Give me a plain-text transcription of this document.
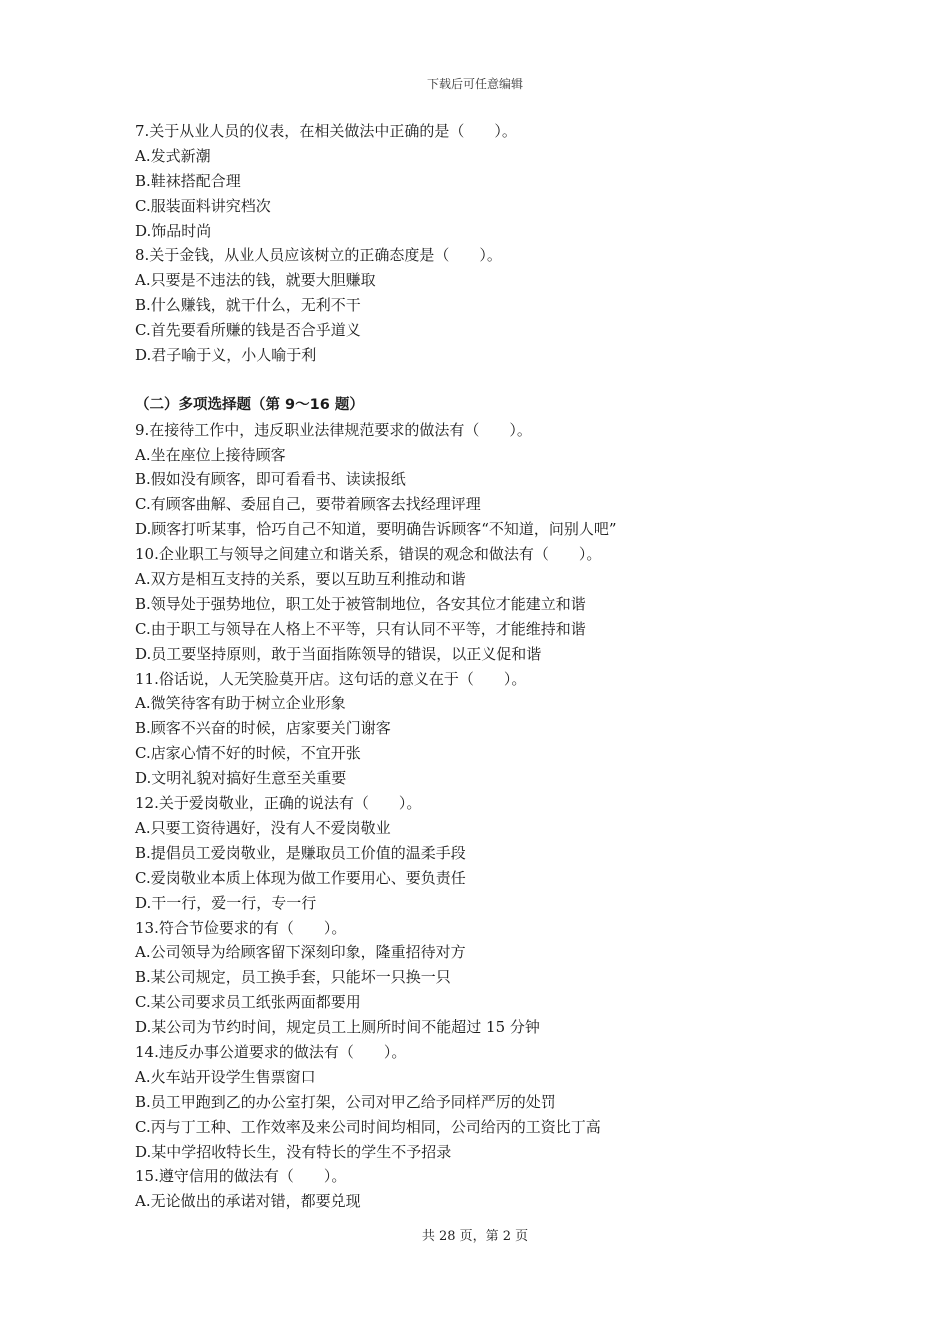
下载后可任意编辑
7.关于从业人员的仪表，在相关做法中正确的是（　　）。
A.发式新潮
B.鞋袜搭配合理
C.服装面料讲究档次
D.饰品时尚
8.关于金钱，从业人员应该树立的正确态度是（　　）。
A.只要是不违法的钱，就要大胆赚取
B.什么赚钱，就干什么，无利不干
C.首先要看所赚的钱是否合乎道义
D.君子喻于义，小人喻于利
（二）多项选择题（第 9～16 题）
9.在接待工作中，违反职业法律规范要求的做法有（　　）。
A.坐在座位上接待顾客
B.假如没有顾客，即可看看书、读读报纸
C.有顾客曲解、委屈自己，要带着顾客去找经理评理
D.顾客打听某事，恰巧自己不知道，要明确告诉顾客“不知道，问别人吧”
10.企业职工与领导之间建立和谐关系，错误的观念和做法有（　　）。
A.双方是相互支持的关系，要以互助互利推动和谐
B.领导处于强势地位，职工处于被管制地位，各安其位才能建立和谐
C.由于职工与领导在人格上不平等，只有认同不平等，才能维持和谐
D.员工要坚持原则，敢于当面指陈领导的错误，以正义促和谐
11.俗话说，人无笑脸莫开店。这句话的意义在于（　　）。
A.微笑待客有助于树立企业形象
B.顾客不兴奋的时候，店家要关门谢客
C.店家心情不好的时候，不宜开张
D.文明礼貌对搞好生意至关重要
12.关于爱岗敬业，正确的说法有（　　）。
A.只要工资待遇好，没有人不爱岗敬业
B.提倡员工爱岗敬业，是赚取员工价值的温柔手段
C.爱岗敬业本质上体现为做工作要用心、要负责任
D.干一行，爱一行，专一行
13.符合节俭要求的有（　　）。
A.公司领导为给顾客留下深刻印象，隆重招待对方
B.某公司规定，员工换手套，只能坏一只换一只
C.某公司要求员工纸张两面都要用
D.某公司为节约时间，规定员工上厕所时间不能超过 15 分钟
14.违反办事公道要求的做法有（　　）。
A.火车站开设学生售票窗口
B.员工甲跑到乙的办公室打架，公司对甲乙给予同样严厉的处罚
C.丙与丁工种、工作效率及来公司时间均相同，公司给丙的工资比丁高
D.某中学招收特长生，没有特长的学生不予招录
15.遵守信用的做法有（　　）。
A.无论做出的承诺对错，都要兑现
共 28 页，第 2 页
